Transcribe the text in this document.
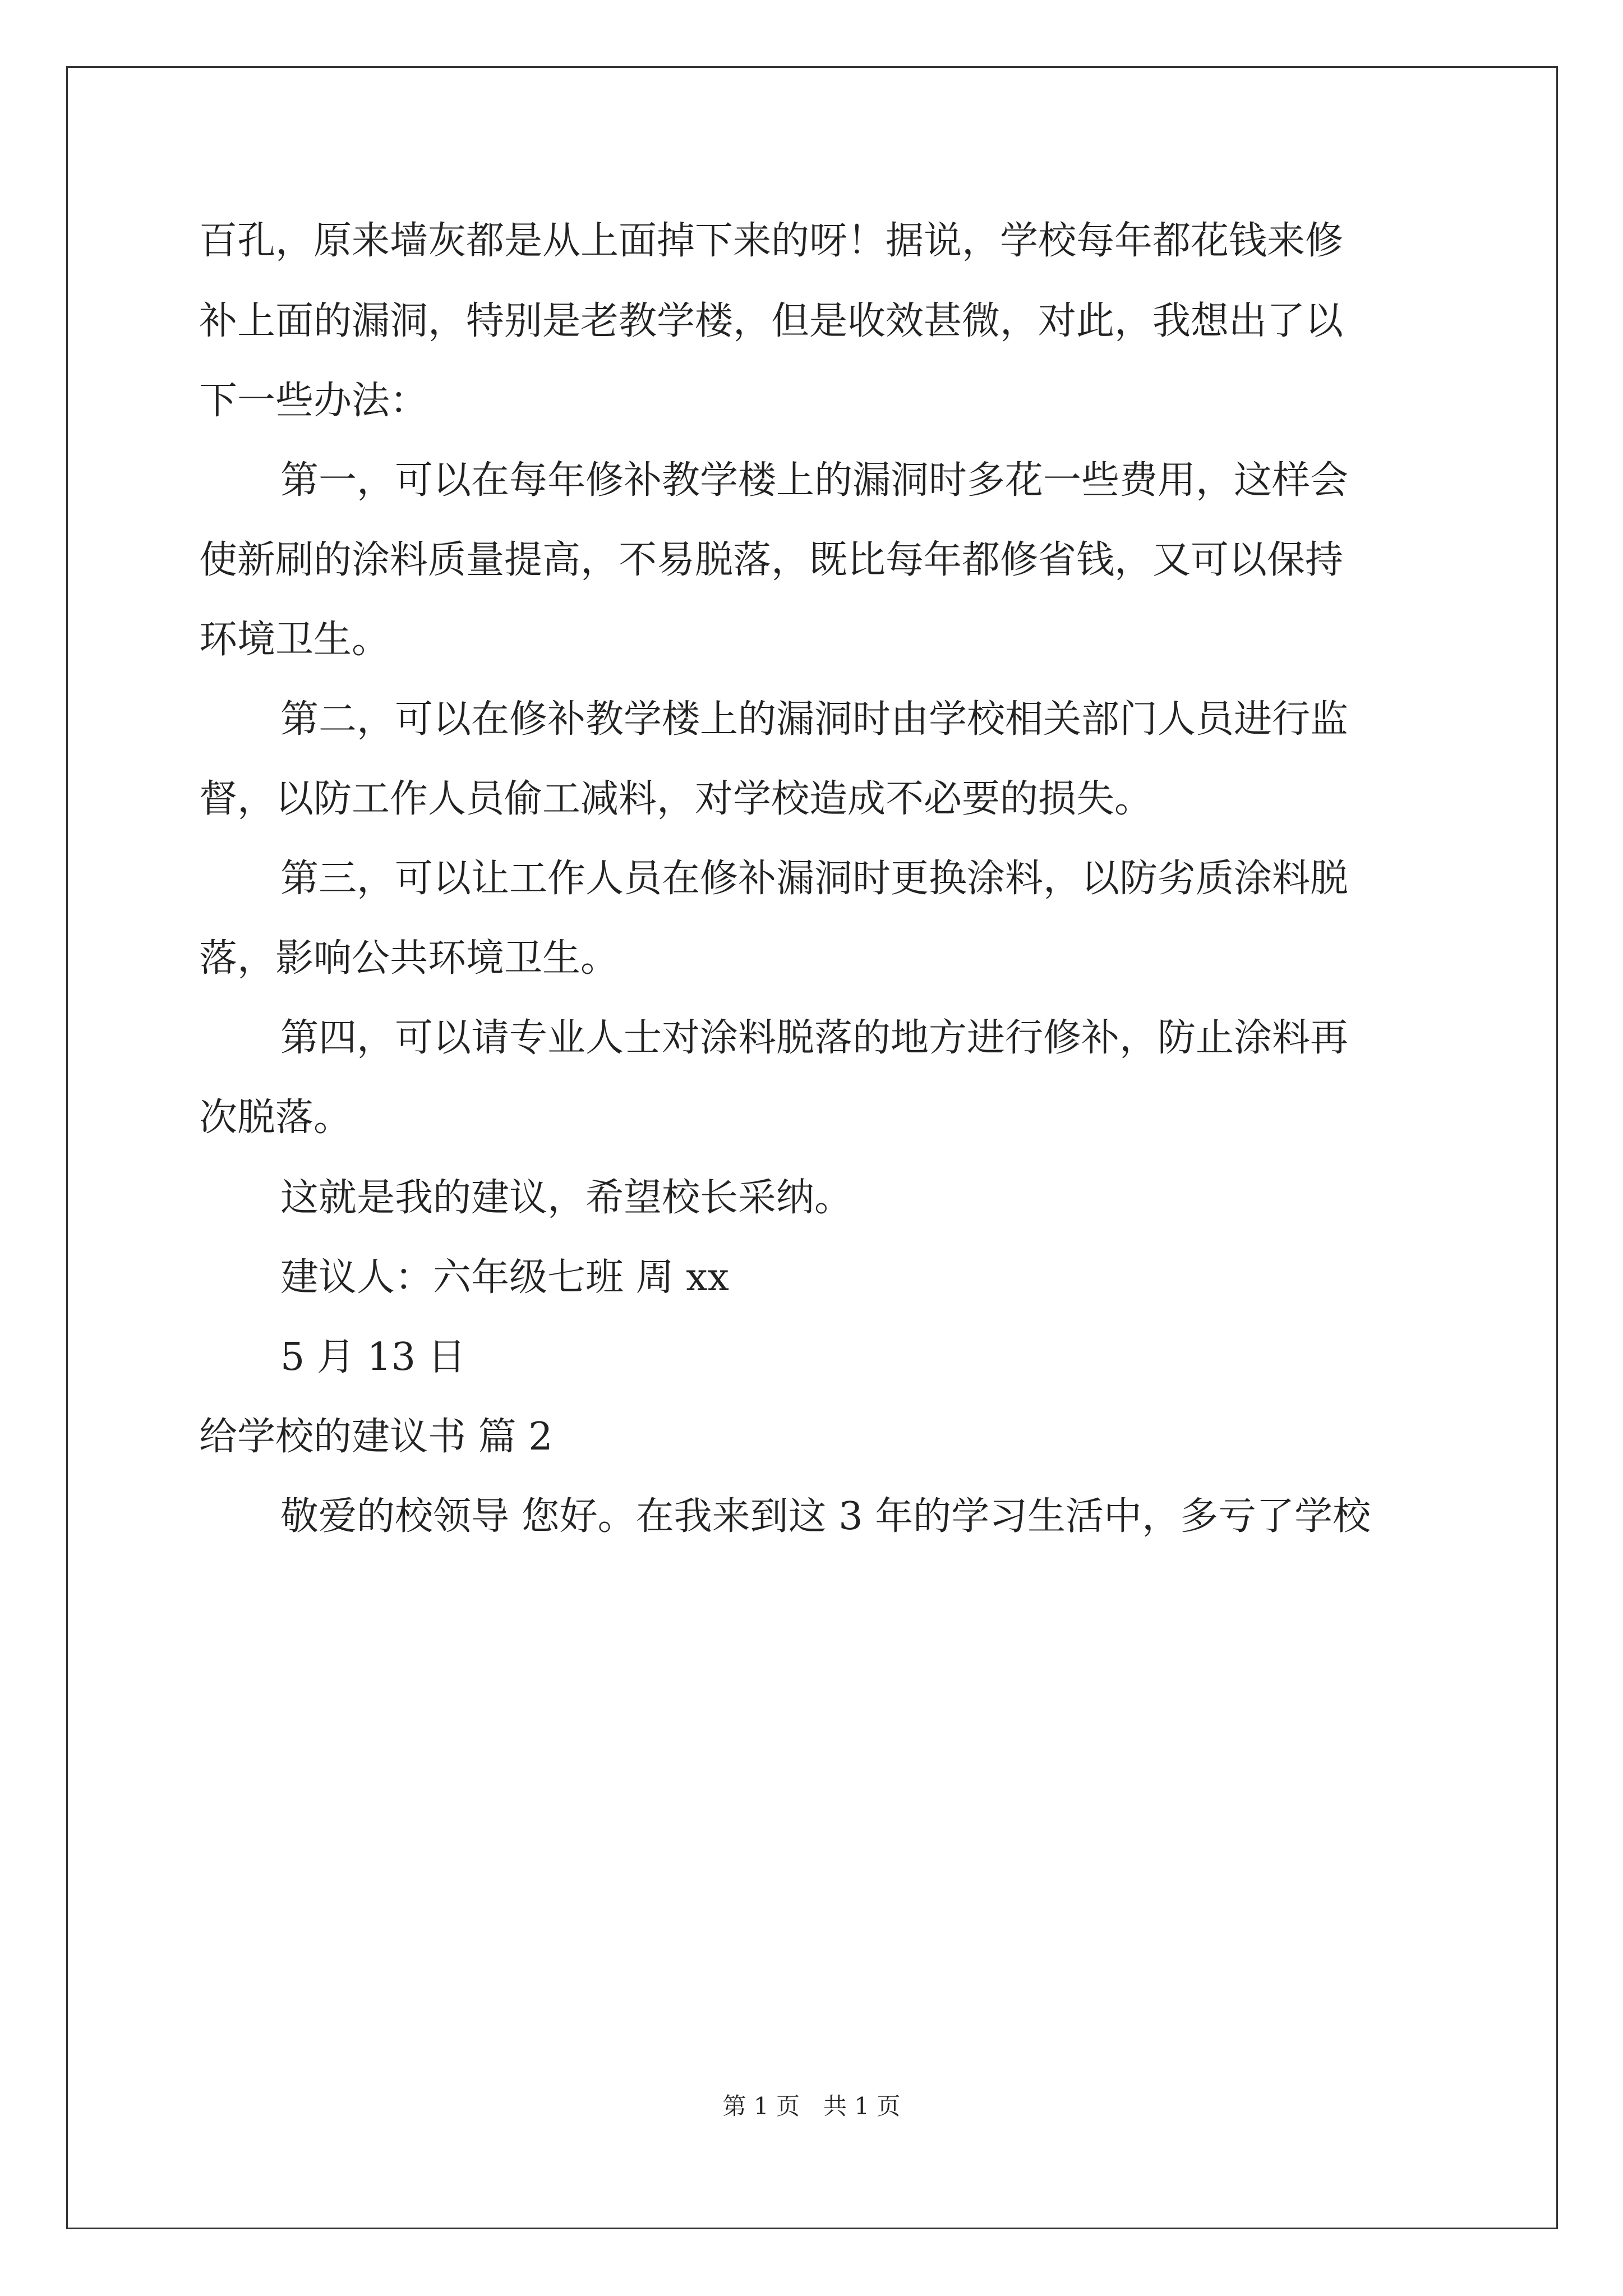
百孔，原来墙灰都是从上面掉下来的呀！据说，学校每年都花钱来修
补上面的漏洞，特别是老教学楼，但是收效甚微，对此，我想出了以
下一些办法：
第一，可以在每年修补教学楼上的漏洞时多花一些费用，这样会
使新刷的涂料质量提高，不易脱落，既比每年都修省钱，又可以保持
环境卫生。
第二，可以在修补教学楼上的漏洞时由学校相关部门人员进行监
督，以防工作人员偷工减料，对学校造成不必要的损失。
第三，可以让工作人员在修补漏洞时更换涂料，以防劣质涂料脱
落，影响公共环境卫生。
第四，可以请专业人士对涂料脱落的地方进行修补，防止涂料再
次脱落。
这就是我的建议，希望校长采纳。
建议人：六年级七班 周 xx
5 月 13 日
给学校的建议书 篇 2
敬爱的校领导 您好。在我来到这 3 年的学习生活中，多亏了学校
第 1 页　共 1 页
